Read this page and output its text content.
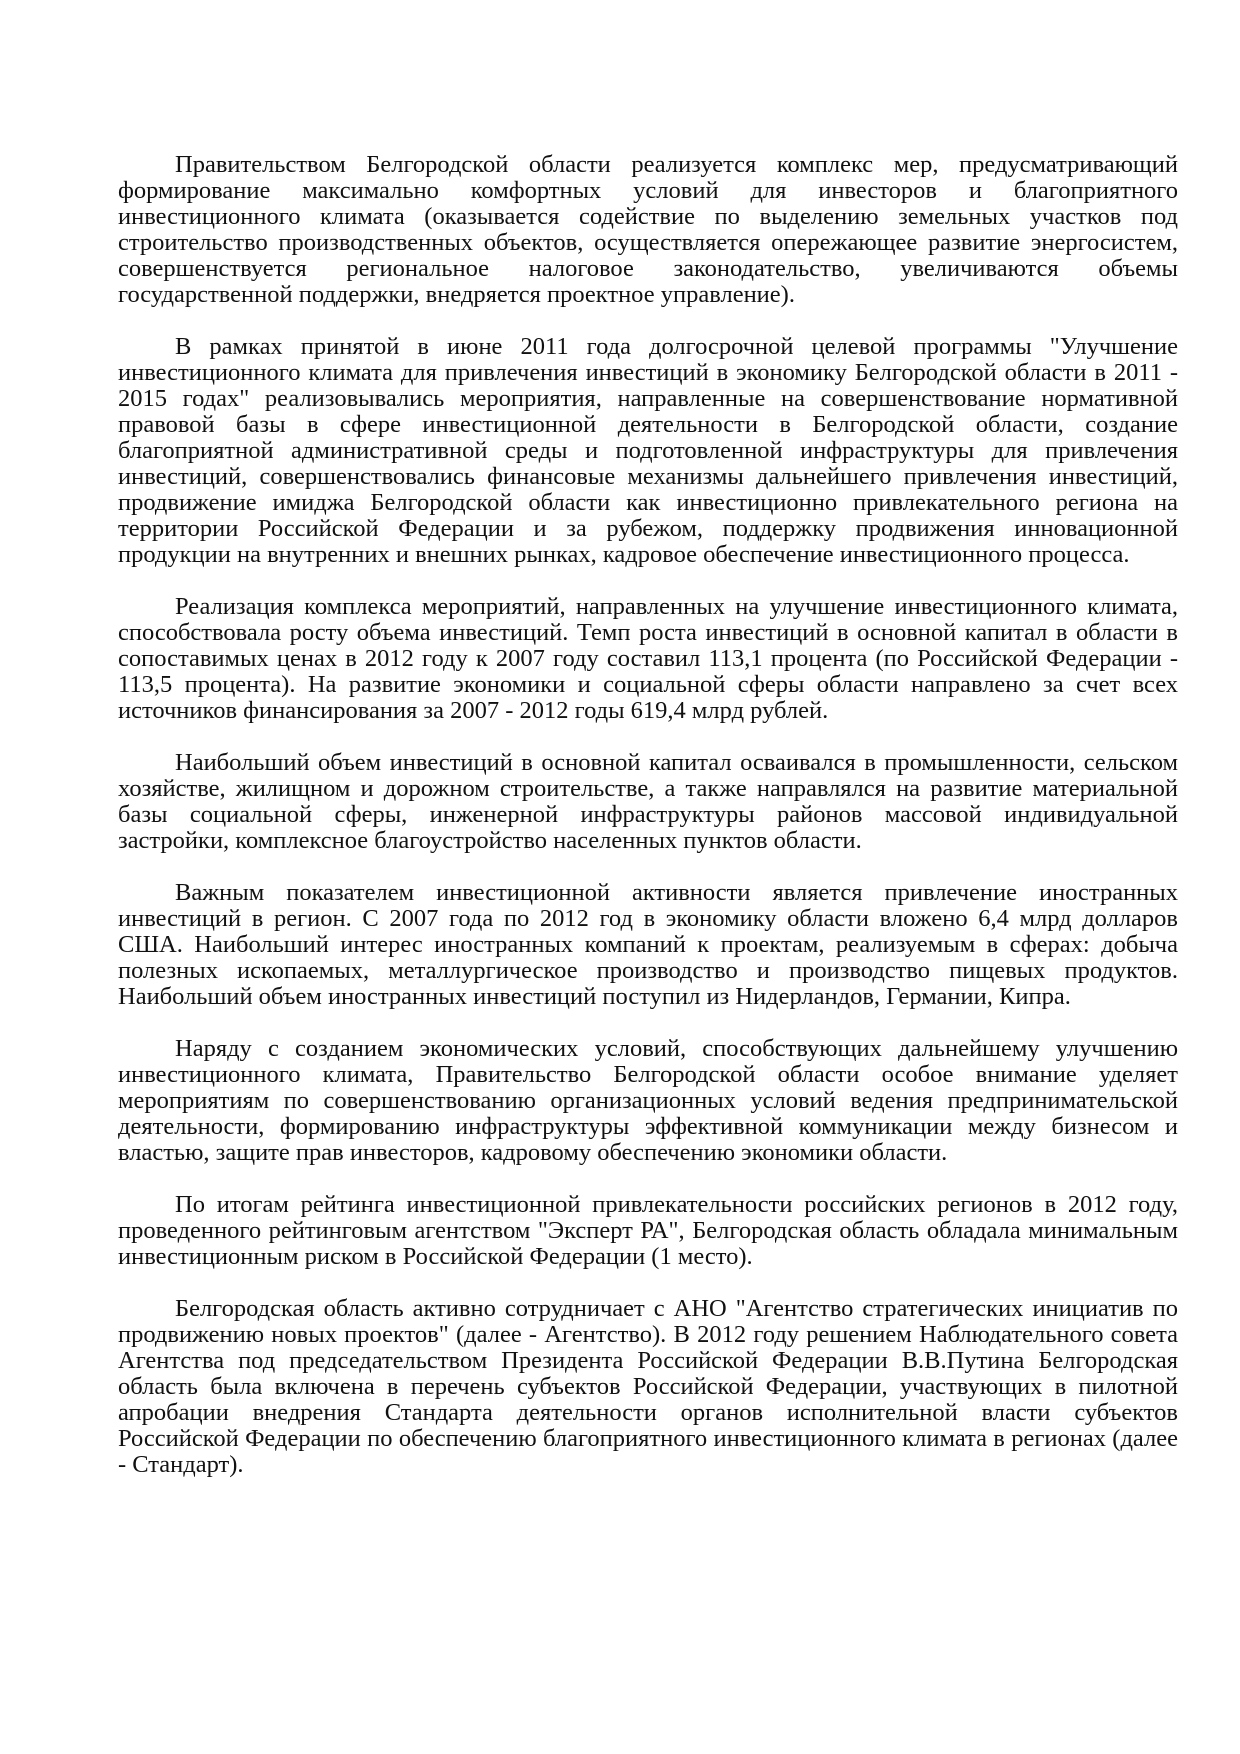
Правительством Белгородской области реализуется комплекс мер, предусматривающий формирование максимально комфортных условий для инвесторов и благоприятного инвестиционного климата (оказывается содействие по выделению земельных участков под строительство производственных объектов, осуществляется опережающее развитие энергосистем, совершенствуется региональное налоговое законодательство, увеличиваются объемы государственной поддержки, внедряется проектное управление).

В рамках принятой в июне 2011 года долгосрочной целевой программы "Улучшение инвестиционного климата для привлечения инвестиций в экономику Белгородской области в 2011 - 2015 годах" реализовывались мероприятия, направленные на совершенствование нормативной правовой базы в сфере инвестиционной деятельности в Белгородской области, создание благоприятной административной среды и подготовленной инфраструктуры для привлечения инвестиций, совершенствовались финансовые механизмы дальнейшего привлечения инвестиций, продвижение имиджа Белгородской области как инвестиционно привлекательного региона на территории Российской Федерации и за рубежом, поддержку продвижения инновационной продукции на внутренних и внешних рынках, кадровое обеспечение инвестиционного процесса.

Реализация комплекса мероприятий, направленных на улучшение инвестиционного климата, способствовала росту объема инвестиций. Темп роста инвестиций в основной капитал в области в сопоставимых ценах в 2012 году к 2007 году составил 113,1 процента (по Российской Федерации - 113,5 процента). На развитие экономики и социальной сферы области направлено за счет всех источников финансирования за 2007 - 2012 годы 619,4 млрд рублей.

Наибольший объем инвестиций в основной капитал осваивался в промышленности, сельском хозяйстве, жилищном и дорожном строительстве, а также направлялся на развитие материальной базы социальной сферы, инженерной инфраструктуры районов массовой индивидуальной застройки, комплексное благоустройство населенных пунктов области.

Важным показателем инвестиционной активности является привлечение иностранных инвестиций в регион. С 2007 года по 2012 год в экономику области вложено 6,4 млрд долларов США. Наибольший интерес иностранных компаний к проектам, реализуемым в сферах: добыча полезных ископаемых, металлургическое производство и производство пищевых продуктов. Наибольший объем иностранных инвестиций поступил из Нидерландов, Германии, Кипра.

Наряду с созданием экономических условий, способствующих дальнейшему улучшению инвестиционного климата, Правительство Белгородской области особое внимание уделяет мероприятиям по совершенствованию организационных условий ведения предпринимательской деятельности, формированию инфраструктуры эффективной коммуникации между бизнесом и властью, защите прав инвесторов, кадровому обеспечению экономики области.

По итогам рейтинга инвестиционной привлекательности российских регионов в 2012 году, проведенного рейтинговым агентством "Эксперт РА", Белгородская область обладала минимальным инвестиционным риском в Российской Федерации (1 место).

Белгородская область активно сотрудничает с АНО "Агентство стратегических инициатив по продвижению новых проектов" (далее - Агентство). В 2012 году решением Наблюдательного совета Агентства под председательством Президента Российской Федерации В.В.Путина Белгородская область была включена в перечень субъектов Российской Федерации, участвующих в пилотной апробации внедрения Стандарта деятельности органов исполнительной власти субъектов Российской Федерации по обеспечению благоприятного инвестиционного климата в регионах (далее - Стандарт).
